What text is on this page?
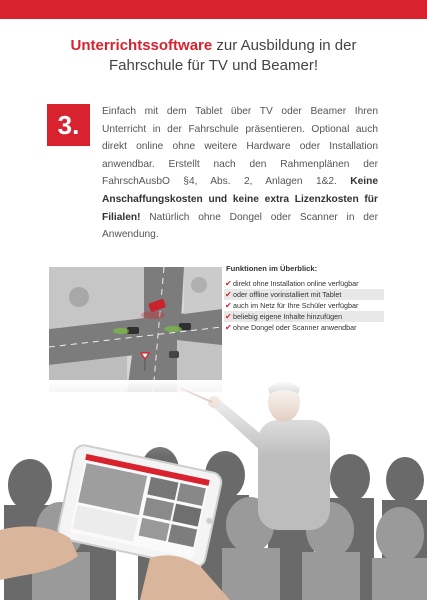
Unterrichtssoftware zur Ausbildung in der
Fahrschule für TV und Beamer!
3.	Einfach mit dem Tablet über TV oder Beamer Ihren Unterricht in der Fahrschule präsentieren. Optional auch direkt online ohne weitere Hardware oder Installation anwendbar. Erstellt nach den Rahmenplänen der FahrschAusbO §4, Abs. 2, Anlagen 1&2. Keine Anschaffungskosten und keine extra Lizenzkosten für Filialen! Natürlich ohne Dongel oder Scanner in der Anwendung.
Funktionen im Überblick:
✔ direkt ohne Installation online verfügbar
✔ oder offline vorinstalliert mit Tablet
✔ auch im Netz für Ihre Schüler verfügbar
✔ beliebig eigene Inhalte hinzufügen
✔ ohne Dongel oder Scanner anwendbar
